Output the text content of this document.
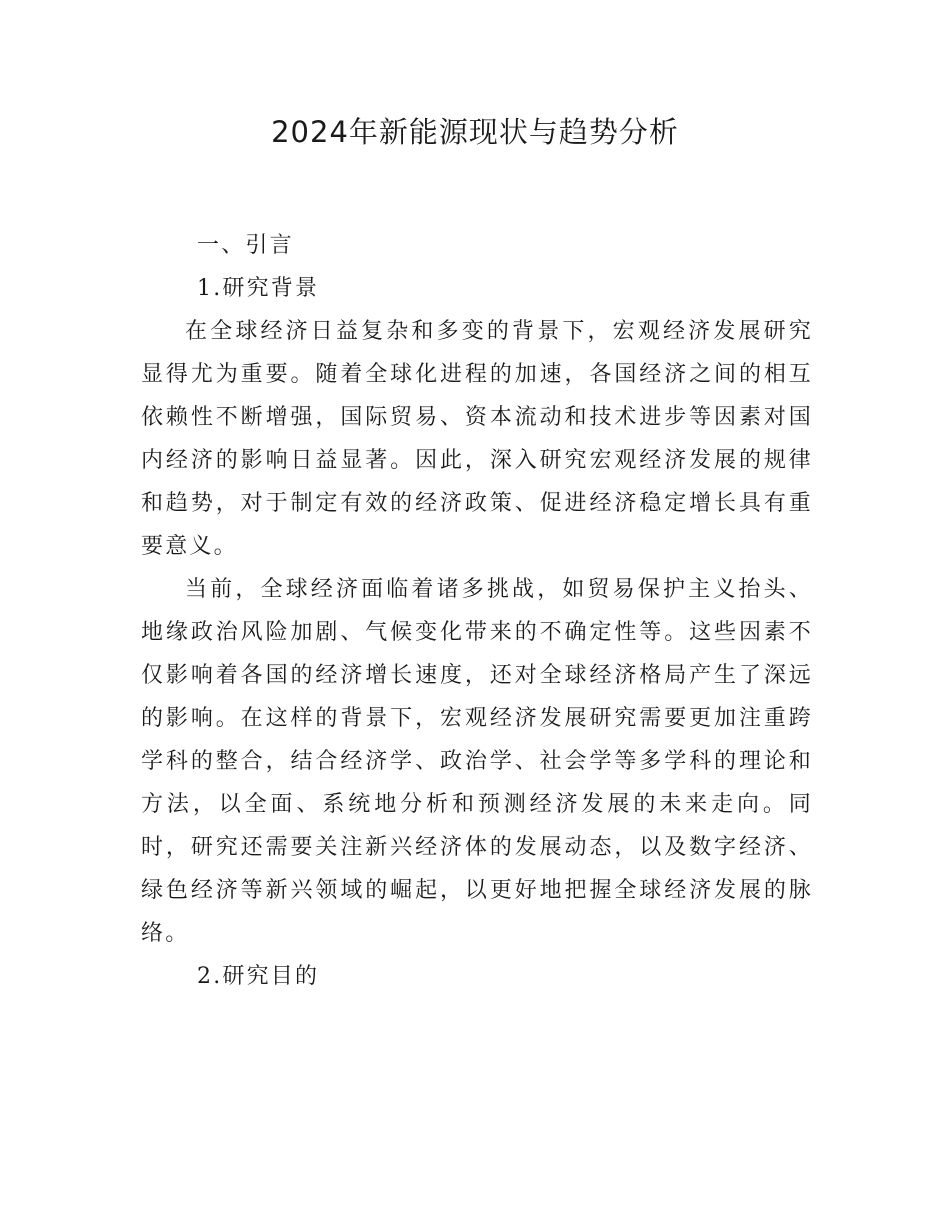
2024年新能源现状与趋势分析

一、引言

1.研究背景

在全球经济日益复杂和多变的背景下，宏观经济发展研究显得尤为重要。随着全球化进程的加速，各国经济之间的相互依赖性不断增强，国际贸易、资本流动和技术进步等因素对国内经济的影响日益显著。因此，深入研究宏观经济发展的规律和趋势，对于制定有效的经济政策、促进经济稳定增长具有重要意义。

当前，全球经济面临着诸多挑战，如贸易保护主义抬头、地缘政治风险加剧、气候变化带来的不确定性等。这些因素不仅影响着各国的经济增长速度，还对全球经济格局产生了深远的影响。在这样的背景下，宏观经济发展研究需要更加注重跨学科的整合，结合经济学、政治学、社会学等多学科的理论和方法，以全面、系统地分析和预测经济发展的未来走向。同时，研究还需要关注新兴经济体的发展动态，以及数字经济、绿色经济等新兴领域的崛起，以更好地把握全球经济发展的脉络。

2.研究目的
